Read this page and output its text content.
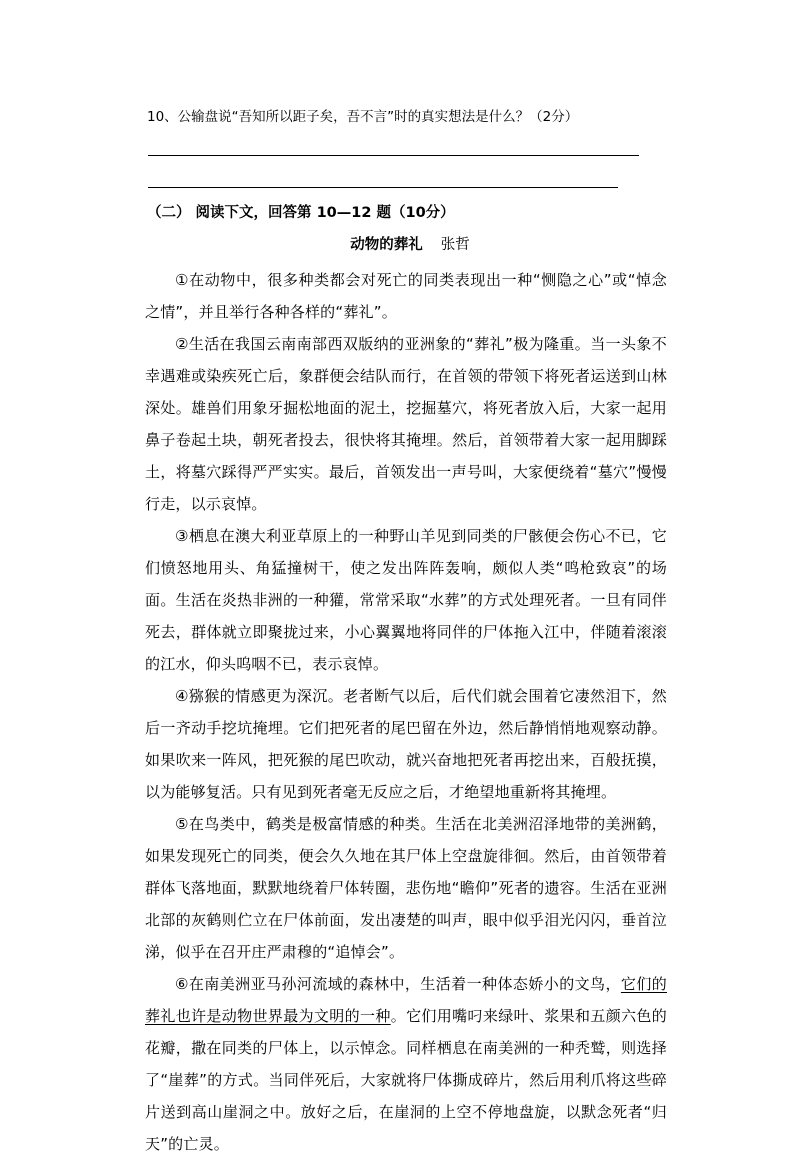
10、公输盘说“吾知所以距子矣，吾不言”时的真实想法是什么？（2分）
（二） 阅读下文，回答第 10—12 题（10分）
动物的葬礼 张哲

①在动物中，很多种类都会对死亡的同类表现出一种“恻隐之心”或“悼念之情”，并且举行各种各样的“葬礼”。

②生活在我国云南南部西双版纳的亚洲象的“葬礼”极为隆重。当一头象不幸遇难或染疾死亡后，象群便会结队而行，在首领的带领下将死者运送到山林深处。雄兽们用象牙掘松地面的泥土，挖掘墓穴，将死者放入后，大家一起用鼻子卷起土块，朝死者投去，很快将其掩埋。然后，首领带着大家一起用脚踩土，将墓穴踩得严严实实。最后，首领发出一声号叫，大家便绕着“墓穴”慢慢行走，以示哀悼。

③栖息在澳大利亚草原上的一种野山羊见到同类的尸骸便会伤心不已，它们愤怒地用头、角猛撞树干，使之发出阵阵轰响，颇似人类“鸣枪致哀”的场面。生活在炎热非洲的一种獾，常常采取“水葬”的方式处理死者。一旦有同伴死去，群体就立即聚拢过来，小心翼翼地将同伴的尸体拖入江中，伴随着滚滚的江水，仰头呜咽不已，表示哀悼。

④猕猴的情感更为深沉。老者断气以后，后代们就会围着它凄然泪下，然后一齐动手挖坑掩埋。它们把死者的尾巴留在外边，然后静悄悄地观察动静。如果吹来一阵风，把死猴的尾巴吹动，就兴奋地把死者再挖出来，百般抚摸，以为能够复活。只有见到死者毫无反应之后，才绝望地重新将其掩埋。

⑤在鸟类中，鹤类是极富情感的种类。生活在北美洲沼泽地带的美洲鹤，如果发现死亡的同类，便会久久地在其尸体上空盘旋徘徊。然后，由首领带着群体飞落地面，默默地绕着尸体转圈，悲伤地“瞻仰”死者的遗容。生活在亚洲北部的灰鹤则伫立在尸体前面，发出凄楚的叫声，眼中似乎泪光闪闪，垂首泣涕，似乎在召开庄严肃穆的“追悼会”。

⑥在南美洲亚马孙河流域的森林中，生活着一种体态娇小的文鸟，它们的葬礼也许是动物世界最为文明的一种。它们用嘴叼来绿叶、浆果和五颜六色的花瓣，撒在同类的尸体上，以示悼念。同样栖息在南美洲的一种秃鹫，则选择了“崖葬”的方式。当同伴死后，大家就将尸体撕成碎片，然后用利爪将这些碎片送到高山崖洞之中。放好之后，在崖洞的上空不停地盘旋，以默念死者“归天”的亡灵。
